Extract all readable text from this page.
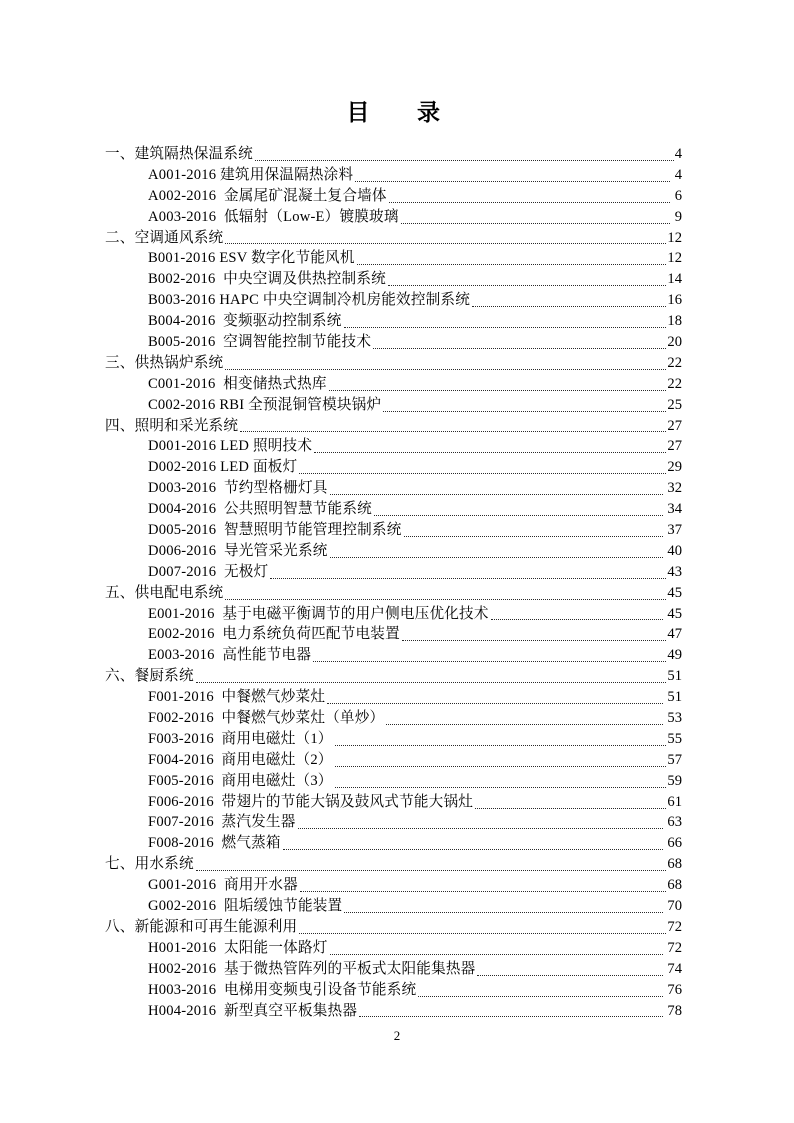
目　　录
一、建筑隔热保温系统	4
A001-2016 建筑用保温隔热涂料	4
A002-2016  金属尾矿混凝土复合墙体	6
A003-2016  低辐射（Low-E）镀膜玻璃	9
二、空调通风系统	12
B001-2016 ESV 数字化节能风机	12
B002-2016  中央空调及供热控制系统	14
B003-2016 HAPC 中央空调制冷机房能效控制系统	16
B004-2016  变频驱动控制系统	18
B005-2016  空调智能控制节能技术	20
三、供热锅炉系统	22
C001-2016  相变储热式热库	22
C002-2016 RBI 全预混铜管模块锅炉	25
四、照明和采光系统	27
D001-2016 LED 照明技术	27
D002-2016 LED 面板灯	29
D003-2016  节约型格栅灯具	32
D004-2016  公共照明智慧节能系统	34
D005-2016  智慧照明节能管理控制系统	37
D006-2016  导光管采光系统	40
D007-2016  无极灯	43
五、供电配电系统	45
E001-2016  基于电磁平衡调节的用户侧电压优化技术	45
E002-2016  电力系统负荷匹配节电装置	47
E003-2016  高性能节电器	49
六、餐厨系统	51
F001-2016  中餐燃气炒菜灶	51
F002-2016  中餐燃气炒菜灶（单炒）	53
F003-2016  商用电磁灶（1）	55
F004-2016  商用电磁灶（2）	57
F005-2016  商用电磁灶（3）	59
F006-2016  带翅片的节能大锅及鼓风式节能大锅灶	61
F007-2016  蒸汽发生器	63
F008-2016  燃气蒸箱	66
七、用水系统	68
G001-2016  商用开水器	68
G002-2016  阻垢缓蚀节能装置	70
八、新能源和可再生能源利用	72
H001-2016  太阳能一体路灯	72
H002-2016  基于微热管阵列的平板式太阳能集热器	74
H003-2016  电梯用变频曳引设备节能系统	76
H004-2016  新型真空平板集热器	78
2
